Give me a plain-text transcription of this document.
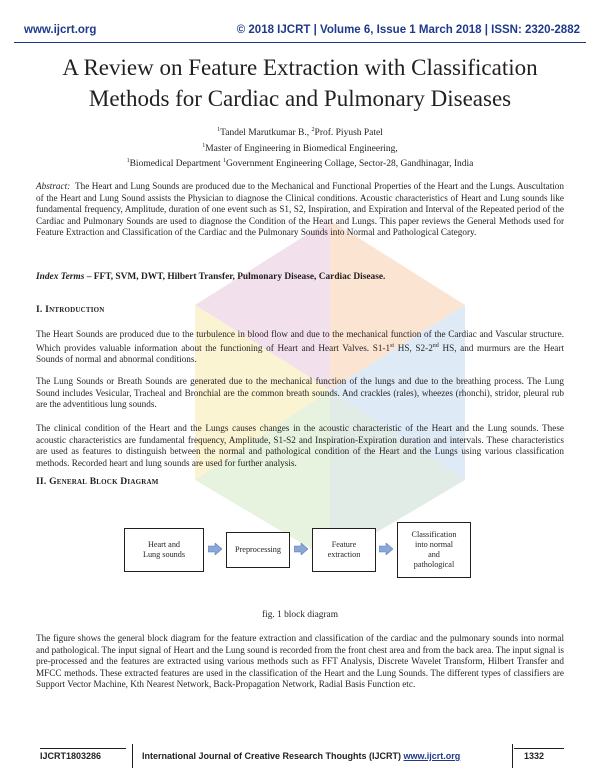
www.ijcrt.org	© 2018 IJCRT | Volume 6, Issue 1 March 2018 | ISSN: 2320-2882
A Review on Feature Extraction with Classification
Methods for Cardiac and Pulmonary Diseases
$^1$Tandel Marutkumar B., $^2$Prof. Piyush Patel
$^1$Master of Engineering in Biomedical Engineering,
$^1$Biomedical Department $^1$Government Engineering Collage, Sector-28, Gandhinagar, India
Abstract: The Heart and Lung Sounds are produced due to the Mechanical and Functional Properties of the Heart and the Lungs. Auscultation of the Heart and Lung Sound assists the Physician to diagnose the Clinical conditions. Acoustic characteristics of Heart and Lung sounds like fundamental frequency, Amplitude, duration of one event such as S1, S2, Inspiration, and Expiration and Interval of the Repeated period of the Cardiac and Pulmonary Sounds are used to diagnose the Condition of the Heart and Lungs. This paper reviews the General Methods used for Feature Extraction and Classification of the Cardiac and the Pulmonary Sounds into Normal and Pathological Category.
Index Terms – FFT, SVM, DWT, Hilbert Transfer, Pulmonary Disease, Cardiac Disease.
I. Introduction
The Heart Sounds are produced due to the turbulence in blood flow and due to the mechanical function of the Cardiac and Vascular structure. Which provides valuable information about the functioning of Heart and Heart Valves. S1-1st HS, S2-2nd HS, and murmurs are the Heart Sounds of normal and abnormal conditions.
The Lung Sounds or Breath Sounds are generated due to the mechanical function of the lungs and due to the breathing process. The Lung Sound includes Vesicular, Tracheal and Bronchial are the common breath sounds. And crackles (rales), wheezes (rhonchi), stridor, pleural rub are the adventitious lung sounds.
The clinical condition of the Heart and the Lungs causes changes in the acoustic characteristic of the Heart and the Lung sounds. These acoustic characteristics are fundamental frequency, Amplitude, S1-S2 and Inspiration-Expiration duration and intervals. These characteristics are used as features to distinguish between the normal and pathological condition of the Heart and the Lungs using various classification methods. Recorded heart and lung sounds are used for further analysis.
II. General Block Diagram
Heart and
Lung sounds
Preprocessing
Feature
extraction
Classification
into normal
and
pathological
fig. 1 block diagram
The figure shows the general block diagram for the feature extraction and classification of the cardiac and the pulmonary sounds into normal and pathological. The input signal of Heart and the Lung sound is recorded from the front chest area and from the back area. The input signal is pre-processed and the features are extracted using various methods such as FFT Analysis, Discrete Wavelet Transform, Hilbert Transfer and MFCC methods. These extracted features are used in the classification of the Heart and the Lung Sounds. The different types of classifiers are Support Vector Machine, Kth Nearest Network, Back-Propagation Network, Radial Basis Function etc.
IJCRT1803286	International Journal of Creative Research Thoughts (IJCRT) www.ijcrt.org	1332
